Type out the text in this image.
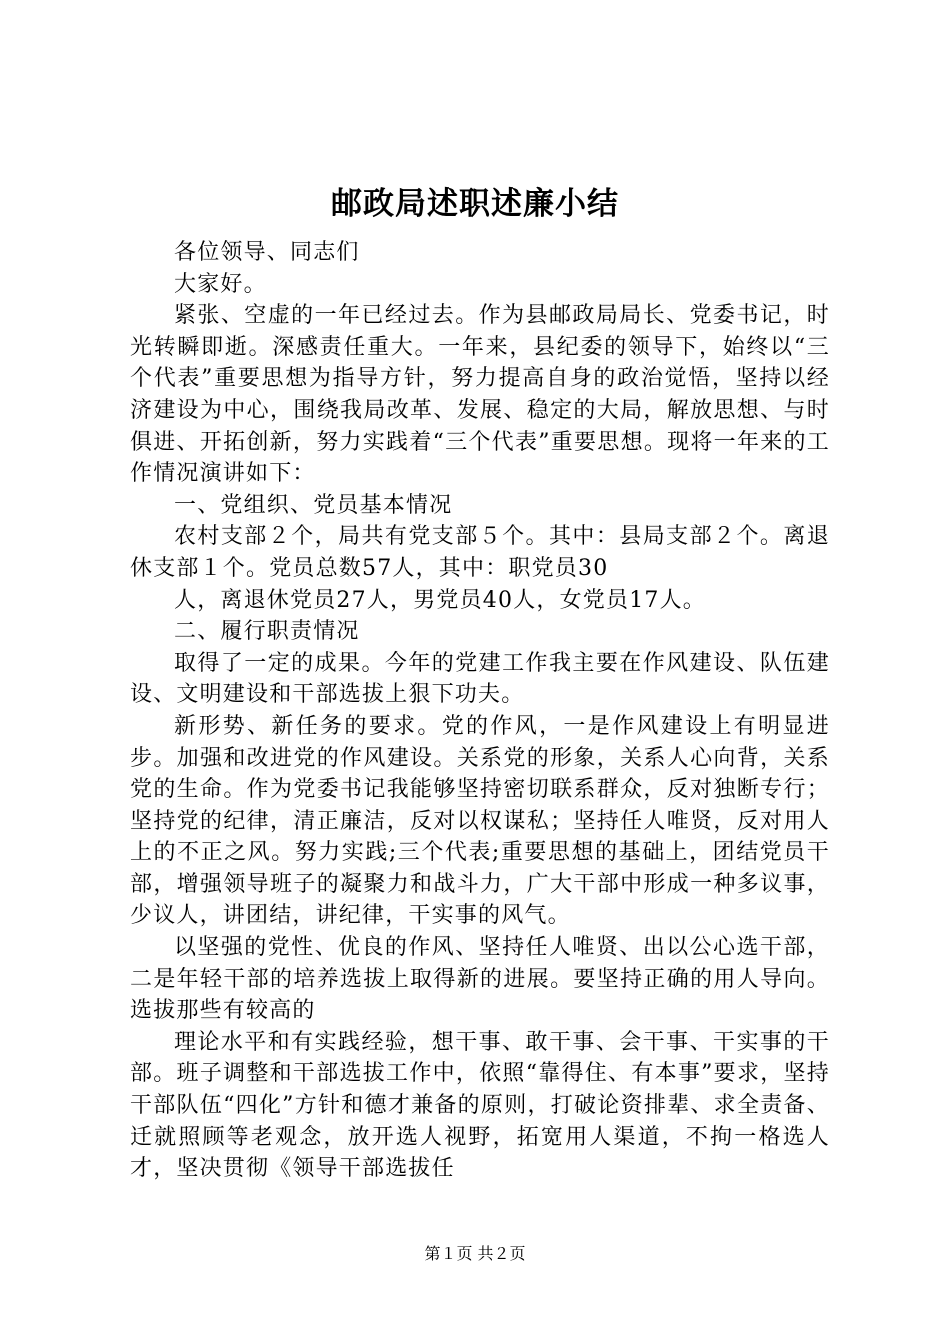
邮政局述职述廉小结

各位领导、同志们

大家好。

紧张、空虚的一年已经过去。作为县邮政局局长、党委书记，时光转瞬即逝。深感责任重大。一年来，县纪委的领导下，始终以“三个代表”重要思想为指导方针，努力提高自身的政治觉悟，坚持以经济建设为中心，围绕我局改革、发展、稳定的大局，解放思想、与时俱进、开拓创新，努力实践着“三个代表”重要思想。现将一年来的工作情况演讲如下：

一、党组织、党员基本情况

农村支部２个，局共有党支部５个。其中：县局支部２个。离退休支部１个。党员总数57人，其中：职党员30

人，离退休党员27人，男党员40人，女党员17人。

二、履行职责情况

取得了一定的成果。今年的党建工作我主要在作风建设、队伍建设、文明建设和干部选拔上狠下功夫。

新形势、新任务的要求。党的作风，一是作风建设上有明显进步。加强和改进党的作风建设。关系党的形象，关系人心向背，关系党的生命。作为党委书记我能够坚持密切联系群众，反对独断专行；坚持党的纪律，清正廉洁，反对以权谋私；坚持任人唯贤，反对用人上的不正之风。努力实践;三个代表;重要思想的基础上，团结党员干部，增强领导班子的凝聚力和战斗力，广大干部中形成一种多议事，少议人，讲团结，讲纪律，干实事的风气。

以坚强的党性、优良的作风、坚持任人唯贤、出以公心选干部，二是年轻干部的培养选拔上取得新的进展。要坚持正确的用人导向。选拔那些有较高的

理论水平和有实践经验，想干事、敢干事、会干事、干实事的干部。班子调整和干部选拔工作中，依照“靠得住、有本事”要求，坚持干部队伍“四化”方针和德才兼备的原则，打破论资排辈、求全责备、迁就照顾等老观念，放开选人视野，拓宽用人渠道，不拘一格选人才，坚决贯彻《领导干部选拔任

第１页 共２页
